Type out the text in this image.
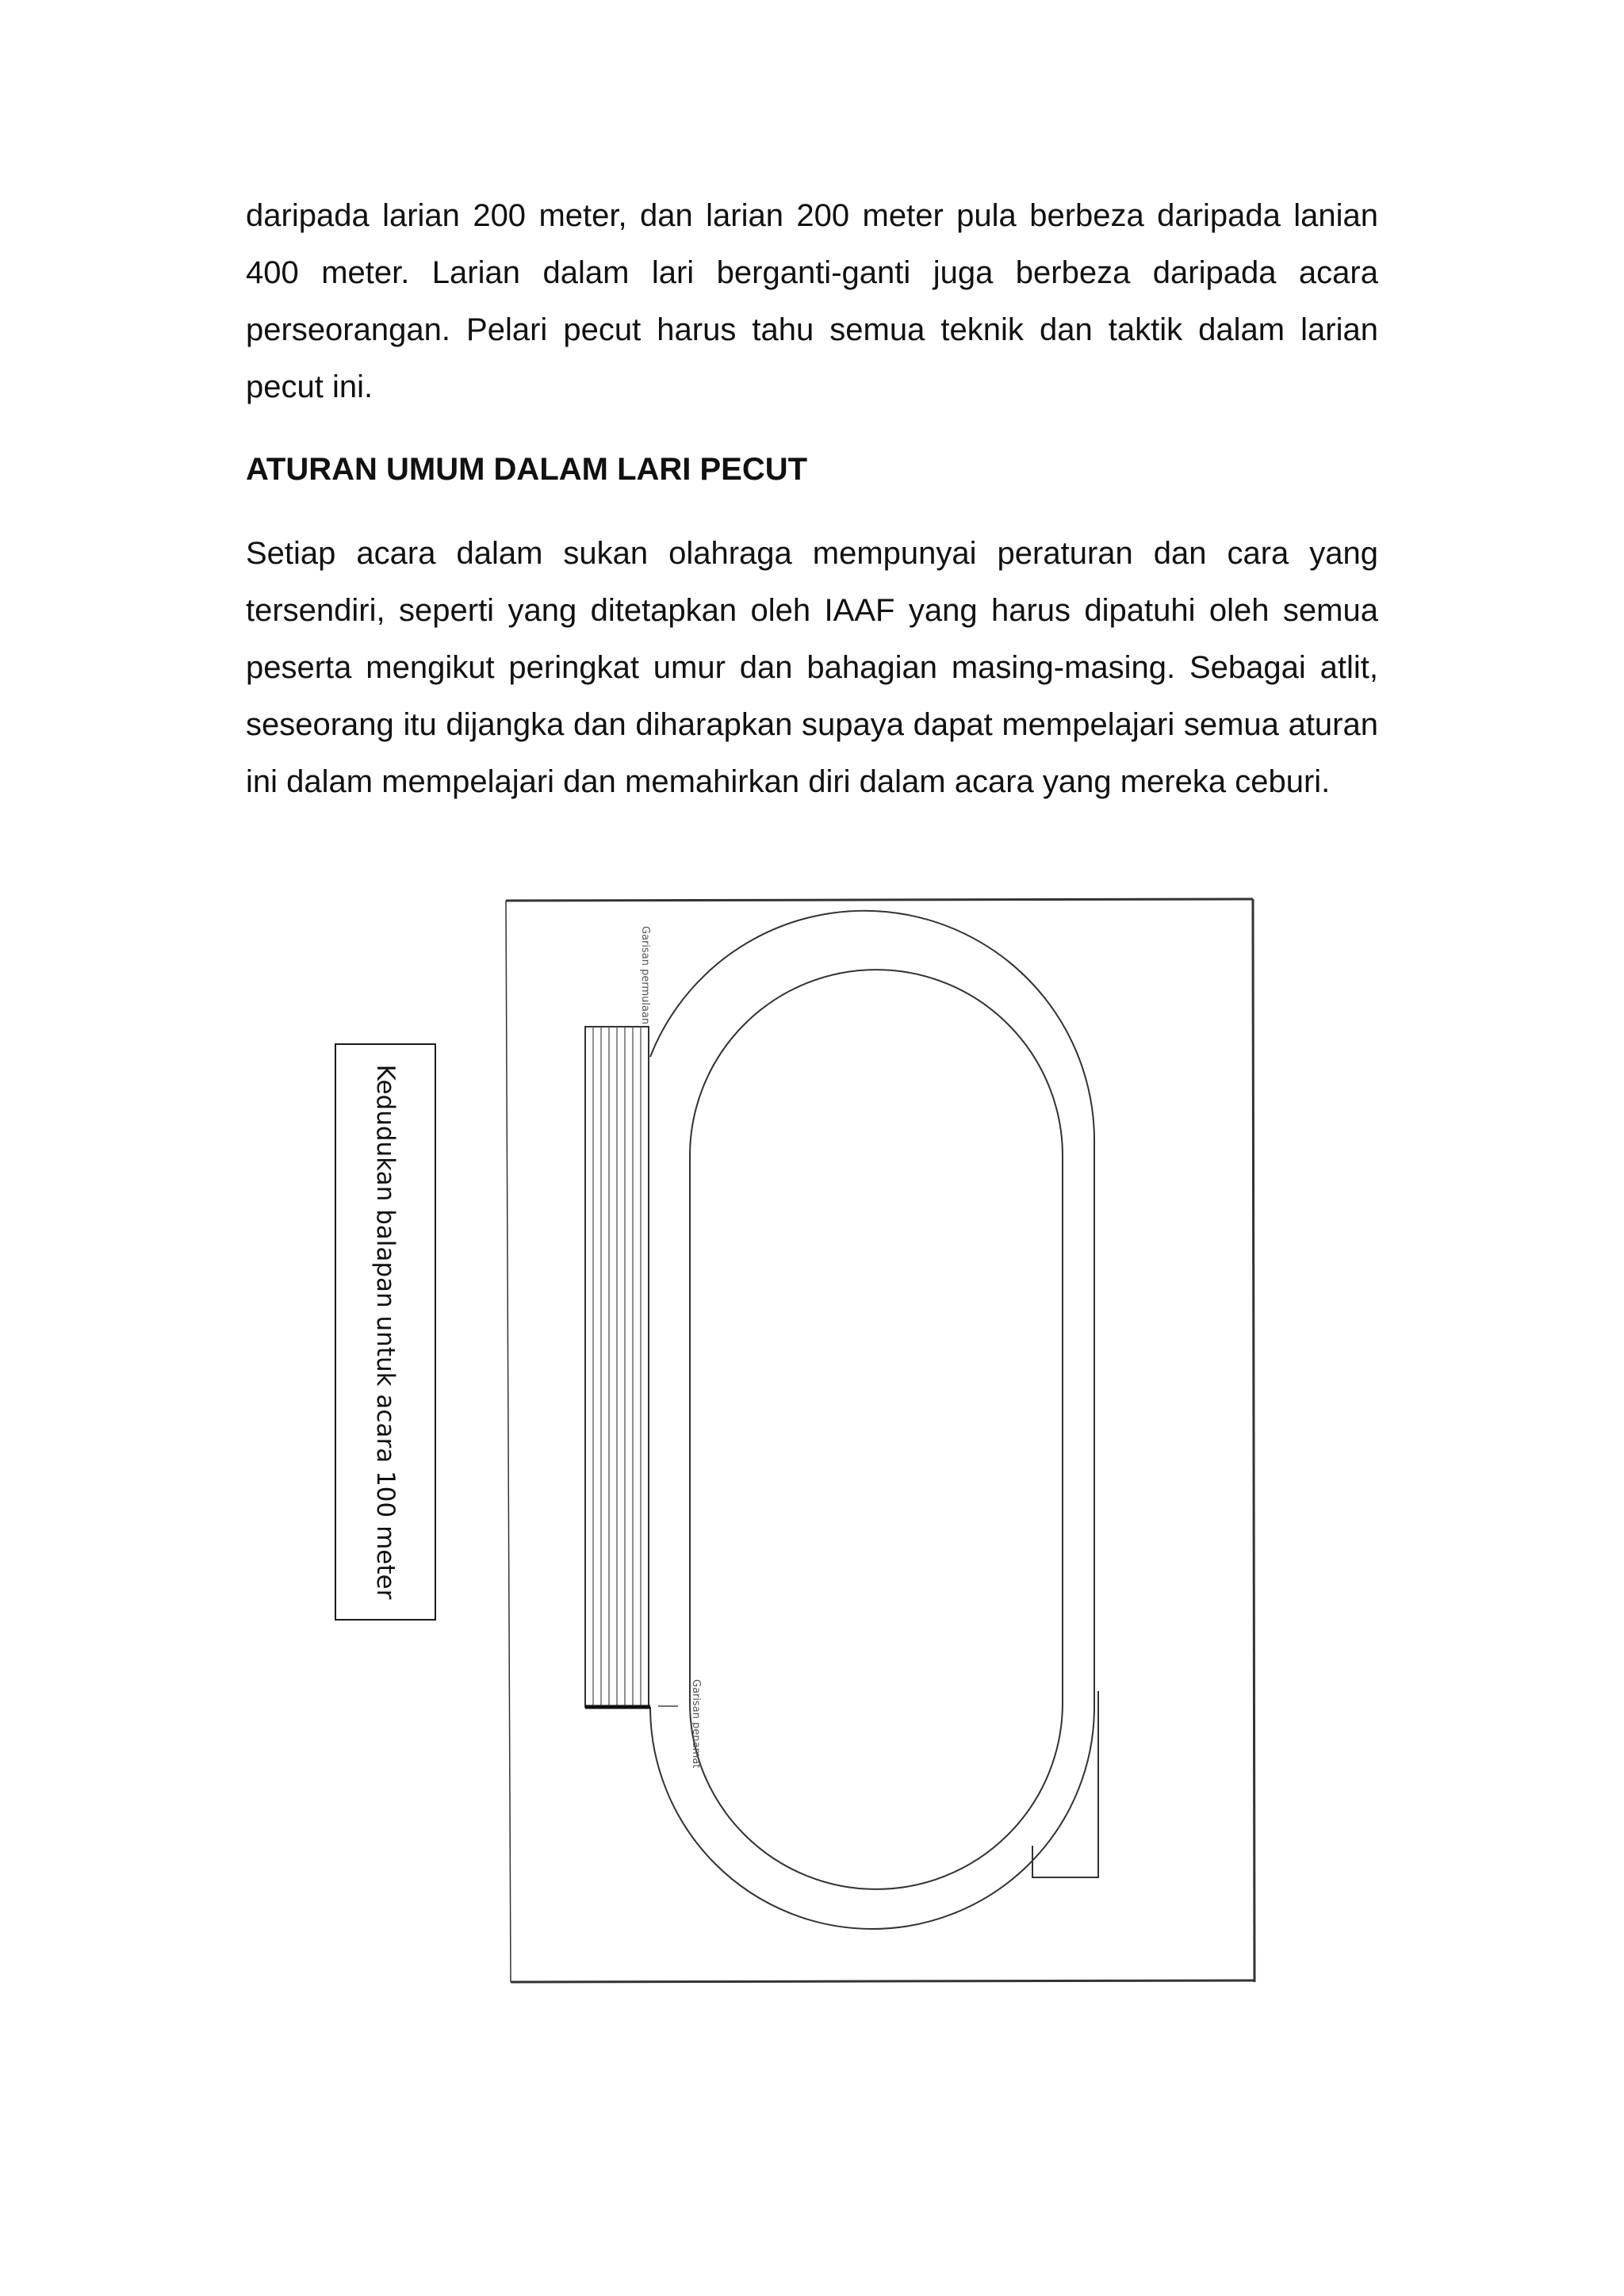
daripada larian 200 meter, dan larian 200 meter pula berbeza daripada lanian 400 meter. Larian dalam lari berganti-ganti juga berbeza daripada acara perseorangan. Pelari pecut harus tahu semua teknik dan taktik dalam larian pecut ini.

ATURAN UMUM DALAM LARI PECUT

Setiap acara dalam sukan olahraga mempunyai peraturan dan cara yang tersendiri, seperti yang ditetapkan oleh IAAF yang harus dipatuhi oleh semua peserta mengikut peringkat umur dan bahagian masing-masing. Sebagai atlit, seseorang itu dijangka dan diharapkan supaya dapat mempelajari semua aturan ini dalam mempelajari dan memahirkan diri dalam acara yang mereka ceburi.

Kedudukan balapan untuk acara 100 meter
Garisan permulaan
Garisan penamat
